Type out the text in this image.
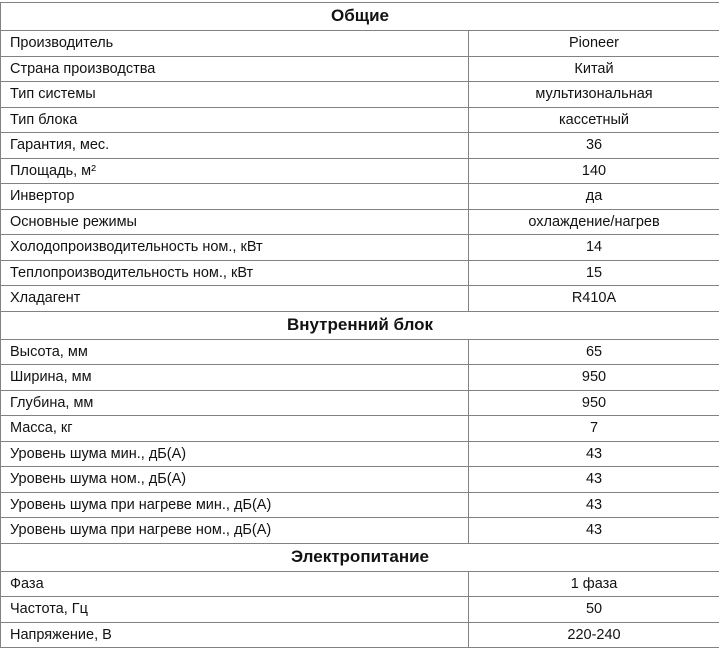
Общие	
Производитель	Pioneer
Страна производства	Китай
Тип системы	мультизональная
Тип блока	кассетный
Гарантия, мес.	36
Площадь, м²	140
Инвертор	да
Основные режимы	охлаждение/нагрев
Холодопроизводительность ном., кВт	14
Теплопроизводительность ном., кВт	15
Хладагент	R410A
Внутренний блок	
Высота, мм	65
Ширина, мм	950
Глубина, мм	950
Масса, кг	7
Уровень шума мин., дБ(А)	43
Уровень шума ном., дБ(А)	43
Уровень шума при нагреве мин., дБ(А)	43
Уровень шума при нагреве ном., дБ(А)	43
Электропитание	
Фаза	1 фаза
Частота, Гц	50
Напряжение, В	220-240
